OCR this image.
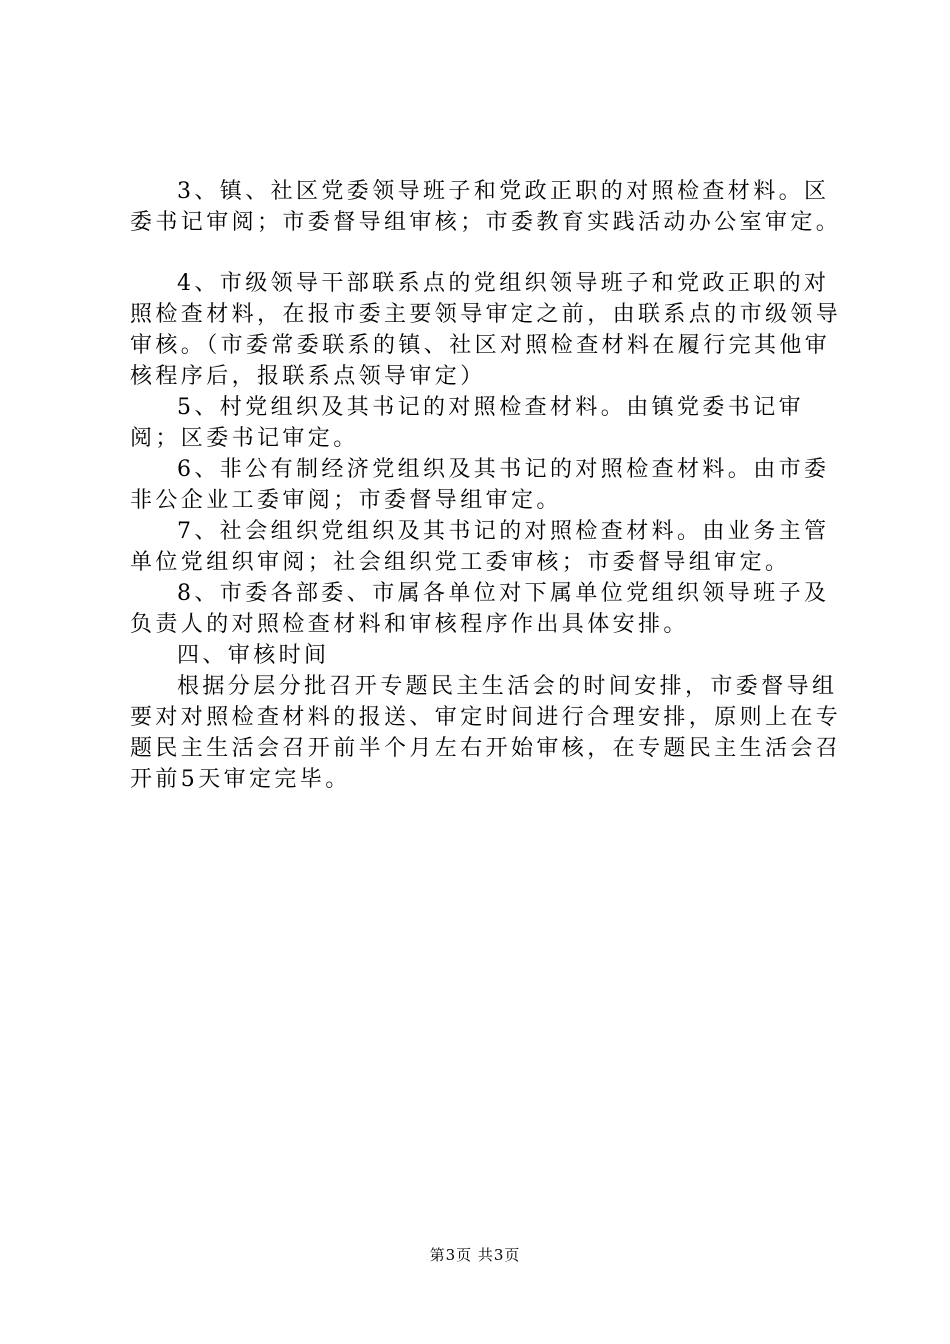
3、镇、社区党委领导班子和党政正职的对照检查材料。区委书记审阅；市委督导组审核；市委教育实践活动办公室审定。

4、市级领导干部联系点的党组织领导班子和党政正职的对照检查材料，在报市委主要领导审定之前，由联系点的市级领导审核。（市委常委联系的镇、社区对照检查材料在履行完其他审核程序后，报联系点领导审定）

5、村党组织及其书记的对照检查材料。由镇党委书记审阅；区委书记审定。

6、非公有制经济党组织及其书记的对照检查材料。由市委非公企业工委审阅；市委督导组审定。

7、社会组织党组织及其书记的对照检查材料。由业务主管单位党组织审阅；社会组织党工委审核；市委督导组审定。

8、市委各部委、市属各单位对下属单位党组织领导班子及负责人的对照检查材料和审核程序作出具体安排。

四、审核时间

根据分层分批召开专题民主生活会的时间安排，市委督导组要对对照检查材料的报送、审定时间进行合理安排，原则上在专题民主生活会召开前半个月左右开始审核，在专题民主生活会召开前5天审定完毕。

第3页 共3页
